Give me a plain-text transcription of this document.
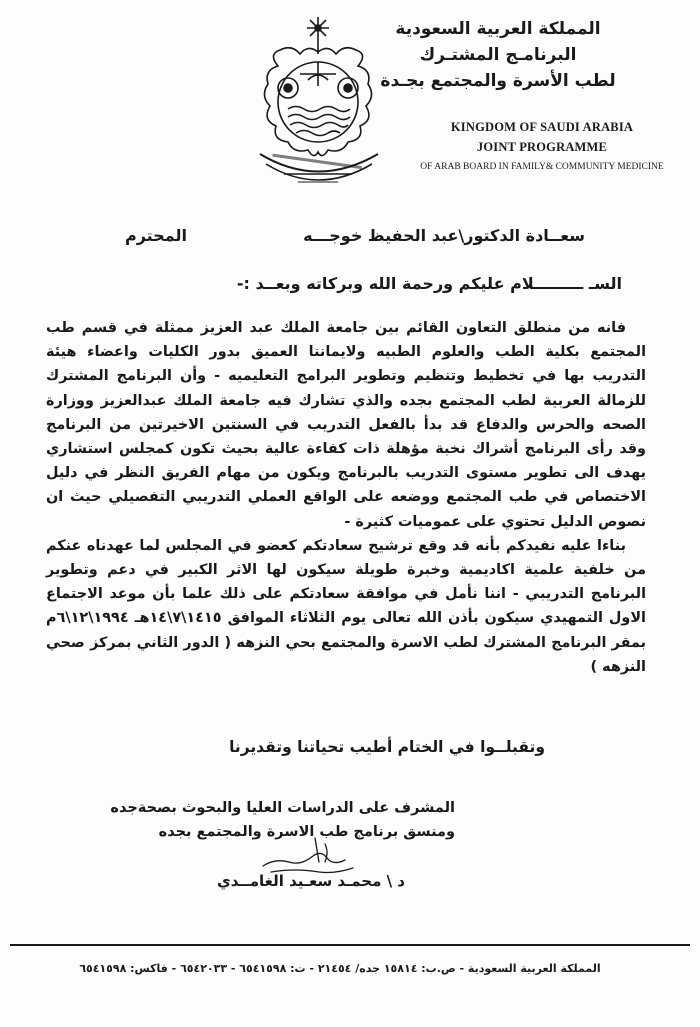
المملكة العربية السعودية
البرنامـج المشتـرك
لطب الأسرة والمجتمع بجـدة
KINGDOM OF SAUDI ARABIA
JOINT PROGRAMME
OF ARAB BOARD IN FAMILY& COMMUNITY MEDICINE
سعــادة الدكتور\عبد الحفيظ خوجـــه
المحترم
السـ ـــــــــلام عليكم ورحمة الله وبركاته وبعــد :-

فانه من منطلق التعاون القائم بين جامعة الملك عبد العزيز ممثلة في قسم طب المجتمع بكلية الطب والعلوم الطبيه ولايماننا العميق بدور الكليات واعضاء هيئة التدريب بها في تخطيط وتنظيم وتطوير البرامج التعليميه - وأن البرنامج المشترك للزمالة العربية لطب المجتمع بجده والذي تشارك فيه جامعة الملك عبدالعزيز ووزارة الصحه والحرس والدفاع قد بدأ بالفعل التدريب في السنتين الاخيرتين من البرنامج وقد رأى البرنامج أشراك نخبة مؤهلة ذات كفاءة عالية بحيث تكون كمجلس استشاري يهدف الى تطوير مستوى التدريب بالبرنامج ويكون من مهام الفريق النظر في دليل الاختصاص في طب المجتمع ووضعه على الواقع العملي التدريبي التفصيلي حيث ان نصوص الدليل تحتوي على عموميات كثيرة -

بناءا عليه نفيدكم بأنه قد وقع ترشيح سعادتكم كعضو في المجلس لما عهدناه عنكم من خلفية علمية اكاديمية وخبرة طويلة سيكون لها الاثر الكبير في دعم وتطوير البرنامج التدريبي - اننا نأمل في موافقة سعادتكم على ذلك علما بأن موعد الاجتماع الاول التمهيدي سيكون بأذن الله تعالى يوم الثلاثاء الموافق ١٤١٥\٧\١٤هـ ١٩٩٤\١٢\٦م بمقر البرنامج المشترك لطب الاسرة والمجتمع بحي النزهه ( الدور الثاني بمركز صحي النزهه )

وتقبلــوا في الختام أطيب تحياتنا وتقديرنا
المشرف على الدراسات العليا والبحوث بصحةجده
ومنسق برنامج طب الاسرة والمجتمع بجده
د \ محمـد سعـيد الغامــدي
المملكة العربية السعودية - ص.ب: ١٥٨١٤ جده/ ٢١٤٥٤ - ت: ٦٥٤١٥٩٨ - ٦٥٤٢٠٣٣ - فاكس: ٦٥٤١٥٩٨
